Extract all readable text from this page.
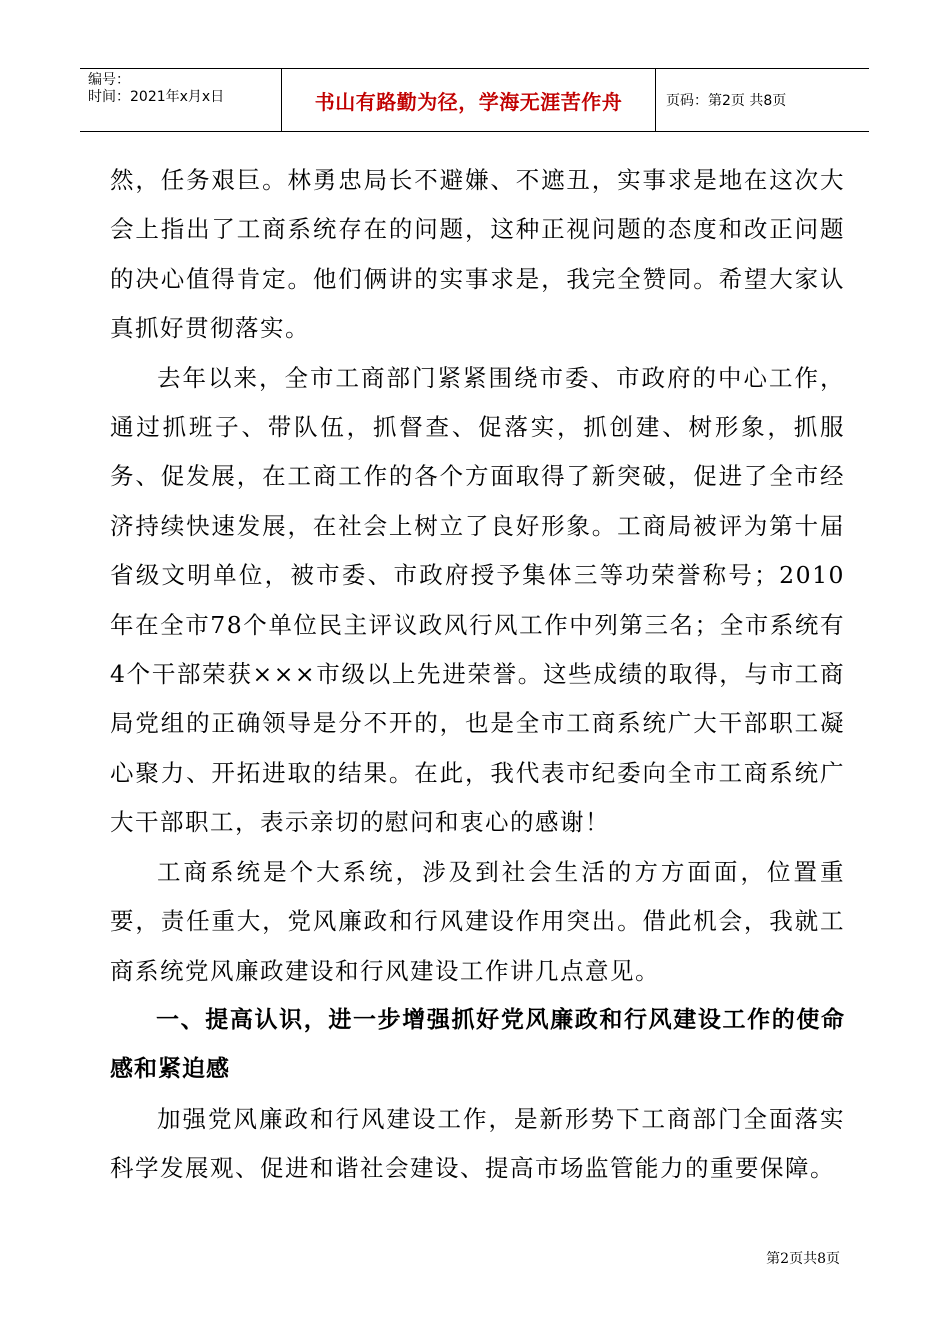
编号：
时间：2021年x月x日	书山有路勤为径，学海无涯苦作舟	页码：第2页 共8页

然，任务艰巨。林勇忠局长不避嫌、不遮丑，实事求是地在这次大会上指出了工商系统存在的问题，这种正视问题的态度和改正问题的决心值得肯定。他们俩讲的实事求是，我完全赞同。希望大家认真抓好贯彻落实。

去年以来，全市工商部门紧紧围绕市委、市政府的中心工作，通过抓班子、带队伍，抓督查、促落实，抓创建、树形象，抓服务、促发展，在工商工作的各个方面取得了新突破，促进了全市经济持续快速发展，在社会上树立了良好形象。工商局被评为第十届省级文明单位，被市委、市政府授予集体三等功荣誉称号；2010年在全市78个单位民主评议政风行风工作中列第三名；全市系统有4个干部荣获×××市级以上先进荣誉。这些成绩的取得，与市工商局党组的正确领导是分不开的，也是全市工商系统广大干部职工凝心聚力、开拓进取的结果。在此，我代表市纪委向全市工商系统广大干部职工，表示亲切的慰问和衷心的感谢！

工商系统是个大系统，涉及到社会生活的方方面面，位置重要，责任重大，党风廉政和行风建设作用突出。借此机会，我就工商系统党风廉政建设和行风建设工作讲几点意见。

一、提高认识，进一步增强抓好党风廉政和行风建设工作的使命感和紧迫感

加强党风廉政和行风建设工作，是新形势下工商部门全面落实科学发展观、促进和谐社会建设、提高市场监管能力的重要保障。

第2页共8页
